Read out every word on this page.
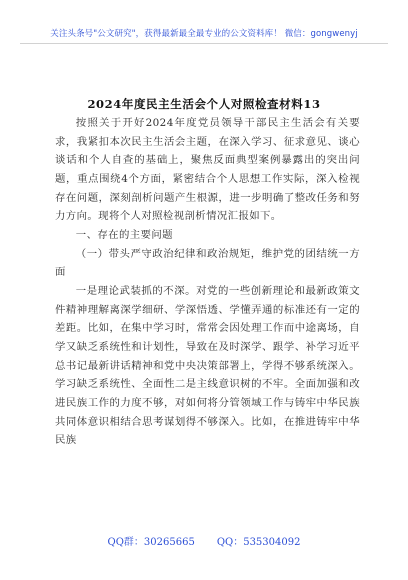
关注头条号"公文研究"，获得最新最全最专业的公文资料库！ 微信：gongwenyj
2024年度民主生活会个人对照检查材料13

按照关于开好2024年度党员领导干部民主生活会有关要求，我紧扣本次民主生活会主题，在深入学习、征求意见、谈心谈话和个人自查的基础上，聚焦反面典型案例暴露出的突出问题，重点围绕4个方面，紧密结合个人思想工作实际，深入检视存在问题，深刻剖析问题产生根源，进一步明确了整改任务和努力方向。现将个人对照检视剖析情况汇报如下。

一、存在的主要问题

（一）带头严守政治纪律和政治规矩，维护党的团结统一方面

一是理论武装抓的不深。对党的一些创新理论和最新政策文件精神理解离深学细研、学深悟透、学懂弄通的标准还有一定的差距。比如，在集中学习时，常常会因处理工作而中途离场，自学又缺乏系统性和计划性，导致在及时深学、跟学、补学习近平总书记最新讲话精神和党中央决策部署上，学得不够系统深入。学习缺乏系统性、全面性二是主线意识树的不牢。全面加强和改进民族工作的力度不够，对如何将分管领域工作与铸牢中华民族共同体意识相结合思考谋划得不够深入。比如，在推进铸牢中华民族

QQ群：30265665 QQ：535304092
